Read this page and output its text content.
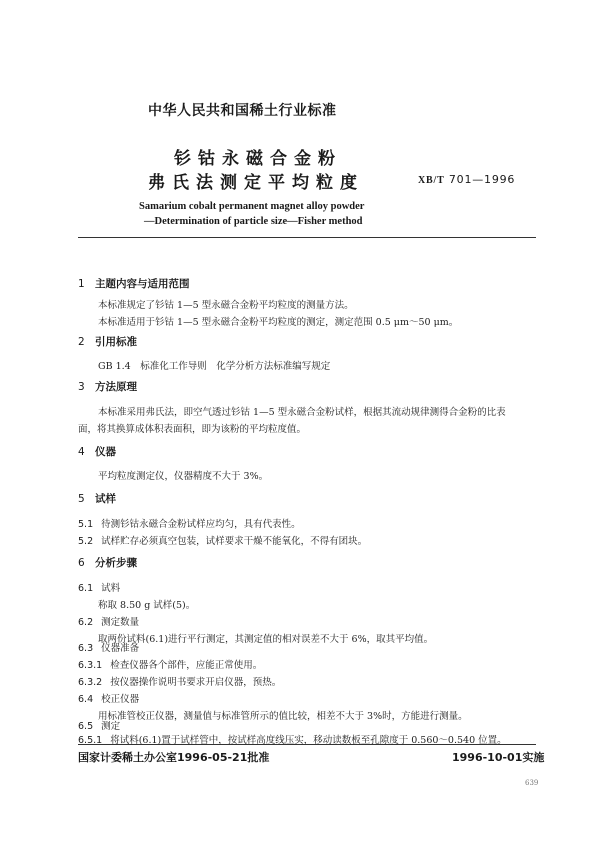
中华人民共和国稀土行业标准
钐钴永磁合金粉
弗氏法测定平均粒度	XB/T 701—1996
Samarium cobalt permanent magnet alloy powder
—Determination of particle size—Fisher method
1 主题内容与适用范围
本标准规定了钐钴 1—5 型永磁合金粉平均粒度的测量方法。
本标准适用于钐钴 1—5 型永磁合金粉平均粒度的测定，测定范围 0.5 μm～50 μm。
2 引用标准
GB 1.4　标准化工作导则　化学分析方法标准编写规定
3 方法原理
本标准采用弗氏法，即空气透过钐钴 1—5 型永磁合金粉试样，根据其流动规律测得合金粉的比表
面，将其换算成体积表面积，即为该粉的平均粒度值。
4 仪器
平均粒度测定仪，仪器精度不大于 3%。
5 试样
5.1 待测钐钴永磁合金粉试样应均匀，具有代表性。
5.2 试样贮存必须真空包装，试样要求干燥不能氧化，不得有团块。
6 分析步骤
6.1 试料
称取 8.50 g 试样(5)。
6.2 测定数量
取两份试料(6.1)进行平行测定，其测定值的相对误差不大于 6%，取其平均值。
6.3 仪器准备
6.3.1 检查仪器各个部件，应能正常使用。
6.3.2 按仪器操作说明书要求开启仪器，预热。
6.4 校正仪器
用标准管校正仪器，测量值与标准管所示的值比较，相差不大于 3%时，方能进行测量。
6.5 测定
6.5.1 将试料(6.1)置于试样管中，按试样高度线压实，移动读数板至孔隙度于 0.560～0.540 位置。
国家计委稀土办公室1996-05-21批准	1996-10-01实施
639
